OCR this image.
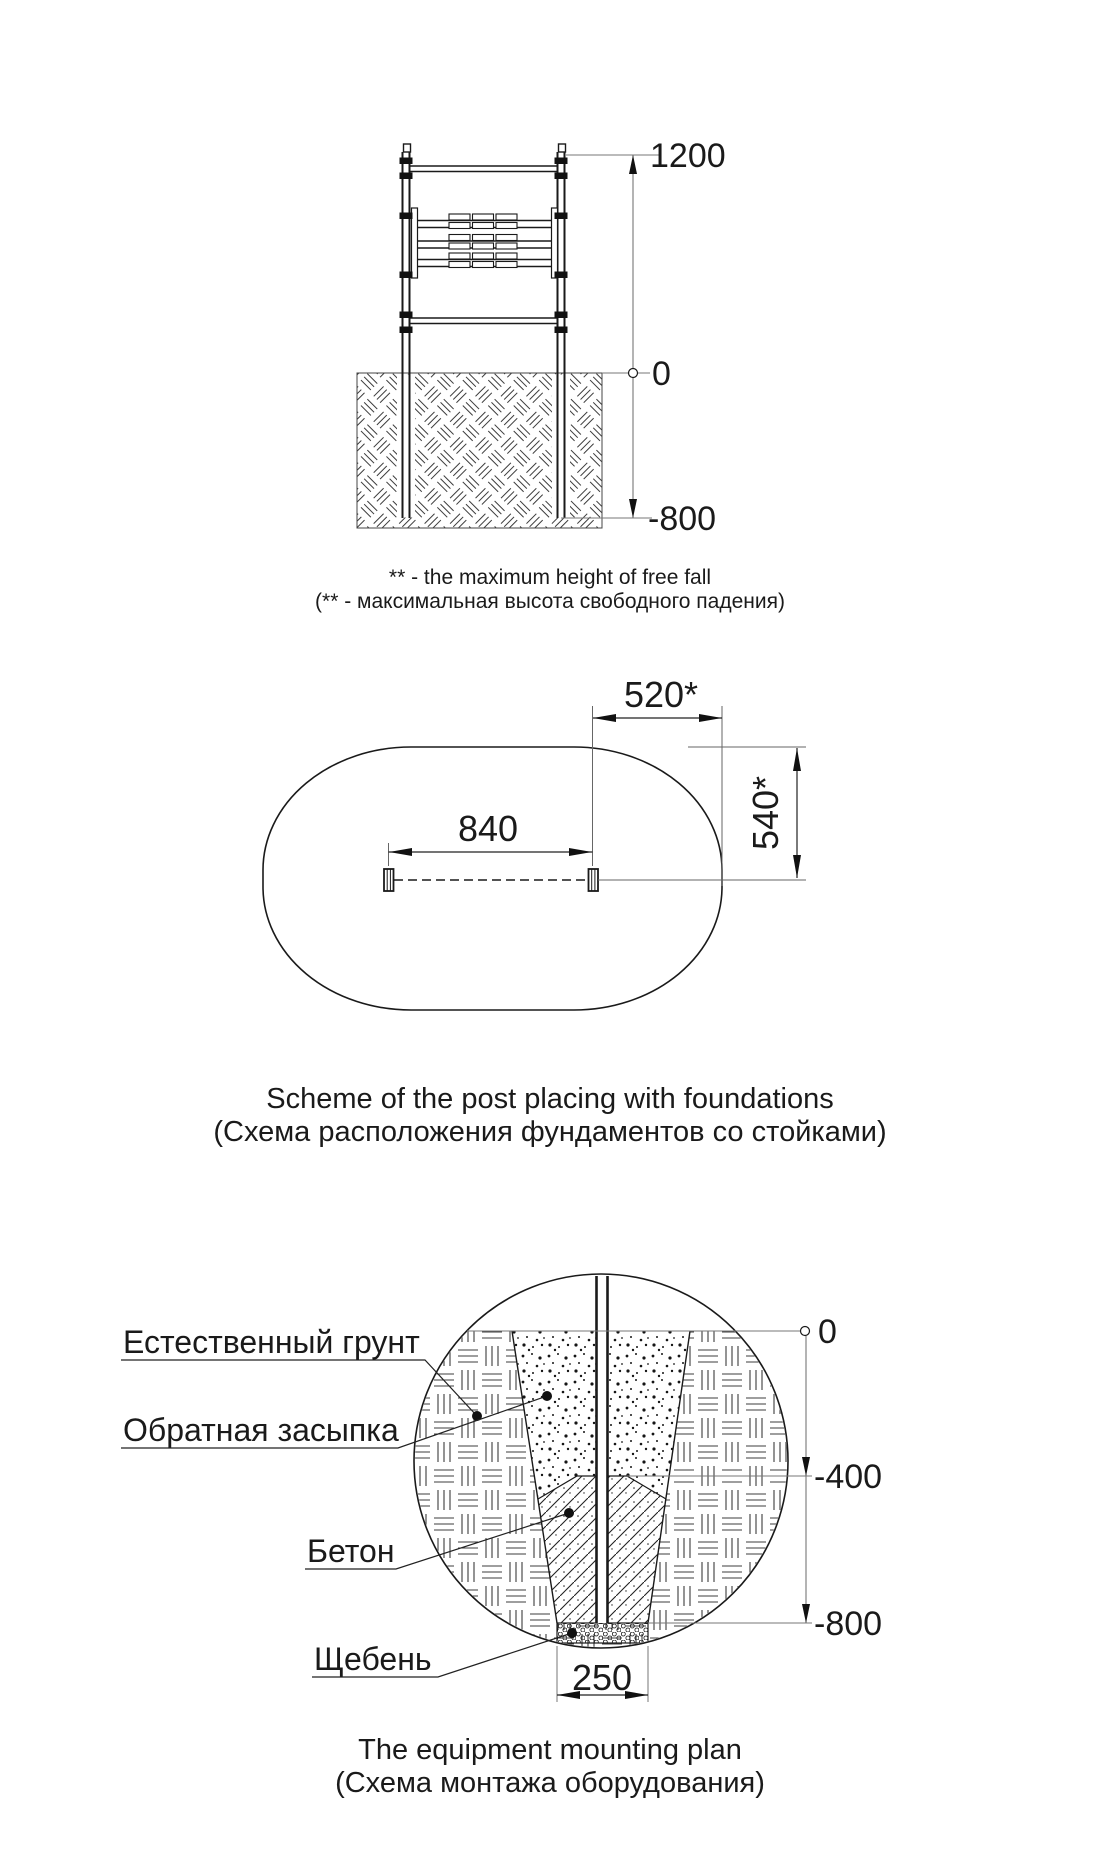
1200
0
-800
840
520*
540*
0
-400
-800
250
Естественный грунт
Обратная засыпка
Бетон
Щебень
** - the maximum height of free fall
(** - максимальная высота свободного падения)
Scheme of the post placing with foundations
(Схема расположения фундаментов со стойками)
The equipment mounting plan
(Схема монтажа оборудования)
